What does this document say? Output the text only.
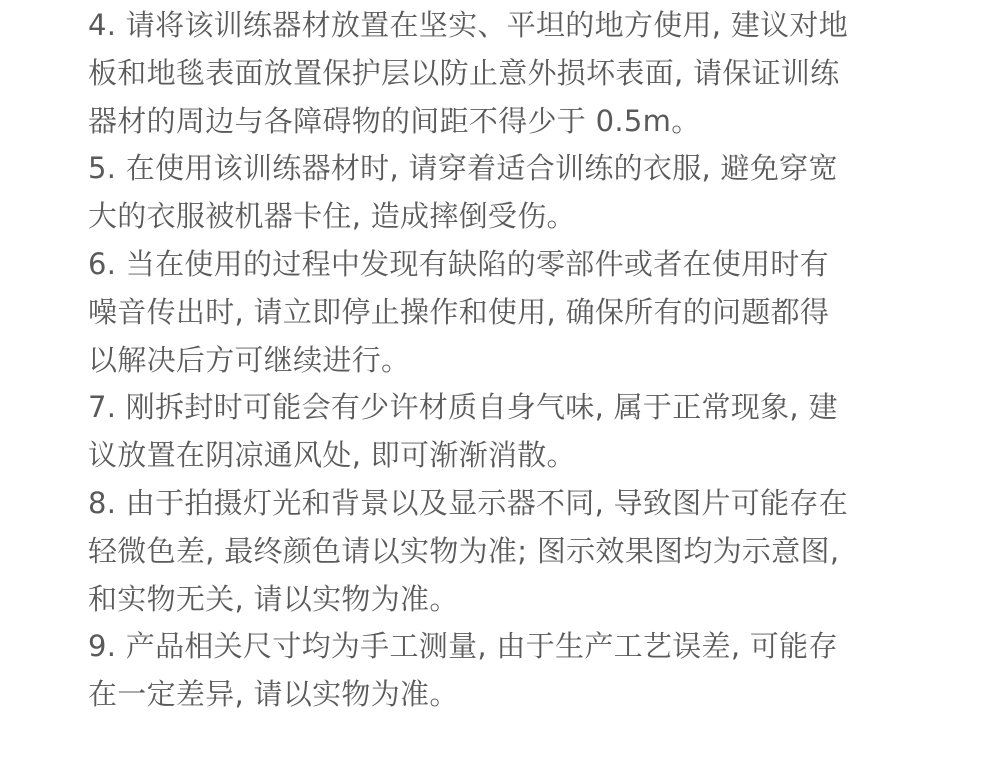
4. 请将该训练器材放置在坚实、平坦的地方使用, 建议对地
板和地毯表面放置保护层以防止意外损坏表面, 请保证训练
器材的周边与各障碍物的间距不得少于 0.5m。
5. 在使用该训练器材时, 请穿着适合训练的衣服, 避免穿宽
大的衣服被机器卡住, 造成摔倒受伤。
6. 当在使用的过程中发现有缺陷的零部件或者在使用时有
噪音传出时, 请立即停止操作和使用, 确保所有的问题都得
以解决后方可继续进行。
7. 刚拆封时可能会有少许材质自身气味, 属于正常现象, 建
议放置在阴凉通风处, 即可渐渐消散。
8. 由于拍摄灯光和背景以及显示器不同, 导致图片可能存在
轻微色差, 最终颜色请以实物为准; 图示效果图均为示意图,
和实物无关, 请以实物为准。
9. 产品相关尺寸均为手工测量, 由于生产工艺误差, 可能存
在一定差异, 请以实物为准。
